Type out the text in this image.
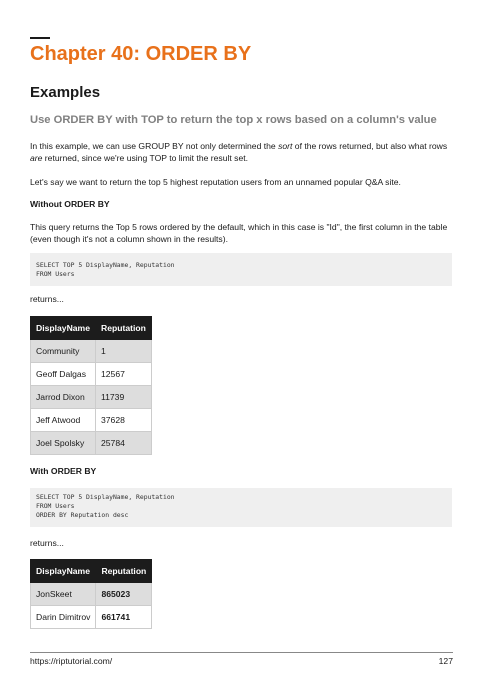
Chapter 40: ORDER BY
Examples
Use ORDER BY with TOP to return the top x rows based on a column's value

In this example, we can use GROUP BY not only determined the sort of the rows returned, but also what rows are returned, since we're using TOP to limit the result set.

Let's say we want to return the top 5 highest reputation users from an unnamed popular Q&A site.

Without ORDER BY

This query returns the Top 5 rows ordered by the default, which in this case is "Id", the first column in the table (even though it's not a column shown in the results).

SELECT TOP 5 DisplayName, Reputation
FROM Users
returns...
DisplayName	Reputation
Community	1
Geoff Dalgas	12567
Jarrod Dixon	11739
Jeff Atwood	37628
Joel Spolsky	25784
With ORDER BY
SELECT TOP 5 DisplayName, Reputation
FROM Users
ORDER BY Reputation desc
returns...
DisplayName	Reputation
JonSkeet	865023
Darin Dimitrov	661741
https://riptutorial.com/	127
